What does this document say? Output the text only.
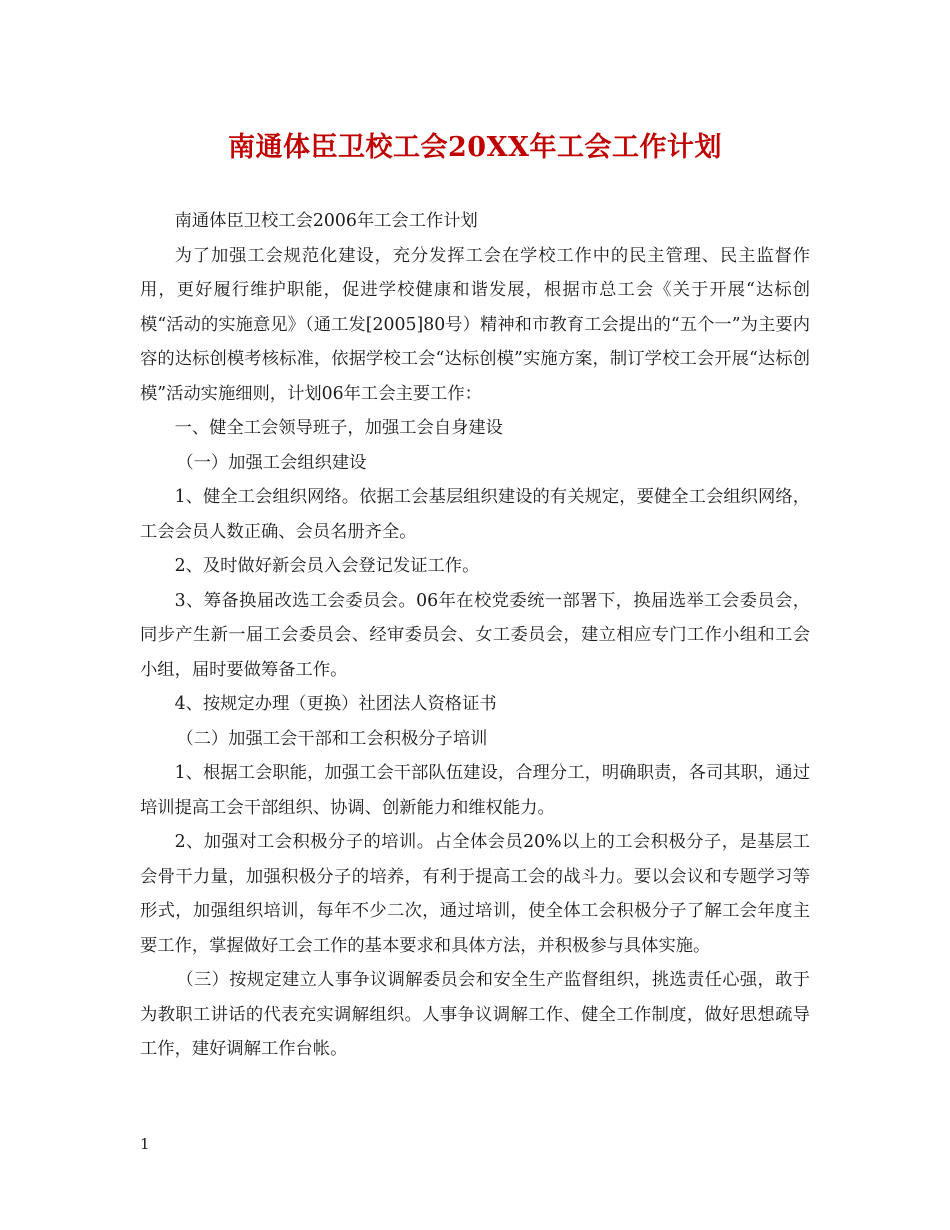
南通体臣卫校工会20XX年工会工作计划

南通体臣卫校工会2006年工会工作计划

为了加强工会规范化建设，充分发挥工会在学校工作中的民主管理、民主监督作用，更好履行维护职能，促进学校健康和谐发展，根据市总工会《关于开展“达标创模“活动的实施意见》（通工发[2005]80号）精神和市教育工会提出的“五个一”为主要内容的达标创模考核标准，依据学校工会“达标创模”实施方案，制订学校工会开展“达标创模”活动实施细则，计划06年工会主要工作：

一、健全工会领导班子，加强工会自身建设

（一）加强工会组织建设

1、健全工会组织网络。依据工会基层组织建设的有关规定，要健全工会组织网络，工会会员人数正确、会员名册齐全。

2、及时做好新会员入会登记发证工作。

3、筹备换届改选工会委员会。06年在校党委统一部署下，换届选举工会委员会，同步产生新一届工会委员会、经审委员会、女工委员会，建立相应专门工作小组和工会小组，届时要做筹备工作。

4、按规定办理（更换）社团法人资格证书

（二）加强工会干部和工会积极分子培训

1、根据工会职能，加强工会干部队伍建设，合理分工，明确职责，各司其职，通过培训提高工会干部组织、协调、创新能力和维权能力。

2、加强对工会积极分子的培训。占全体会员20%以上的工会积极分子，是基层工会骨干力量，加强积极分子的培养，有利于提高工会的战斗力。要以会议和专题学习等形式，加强组织培训，每年不少二次，通过培训，使全体工会积极分子了解工会年度主要工作，掌握做好工会工作的基本要求和具体方法，并积极参与具体实施。

（三）按规定建立人事争议调解委员会和安全生产监督组织，挑选责任心强，敢于为教职工讲话的代表充实调解组织。人事争议调解工作、健全工作制度，做好思想疏导工作，建好调解工作台帐。

1
